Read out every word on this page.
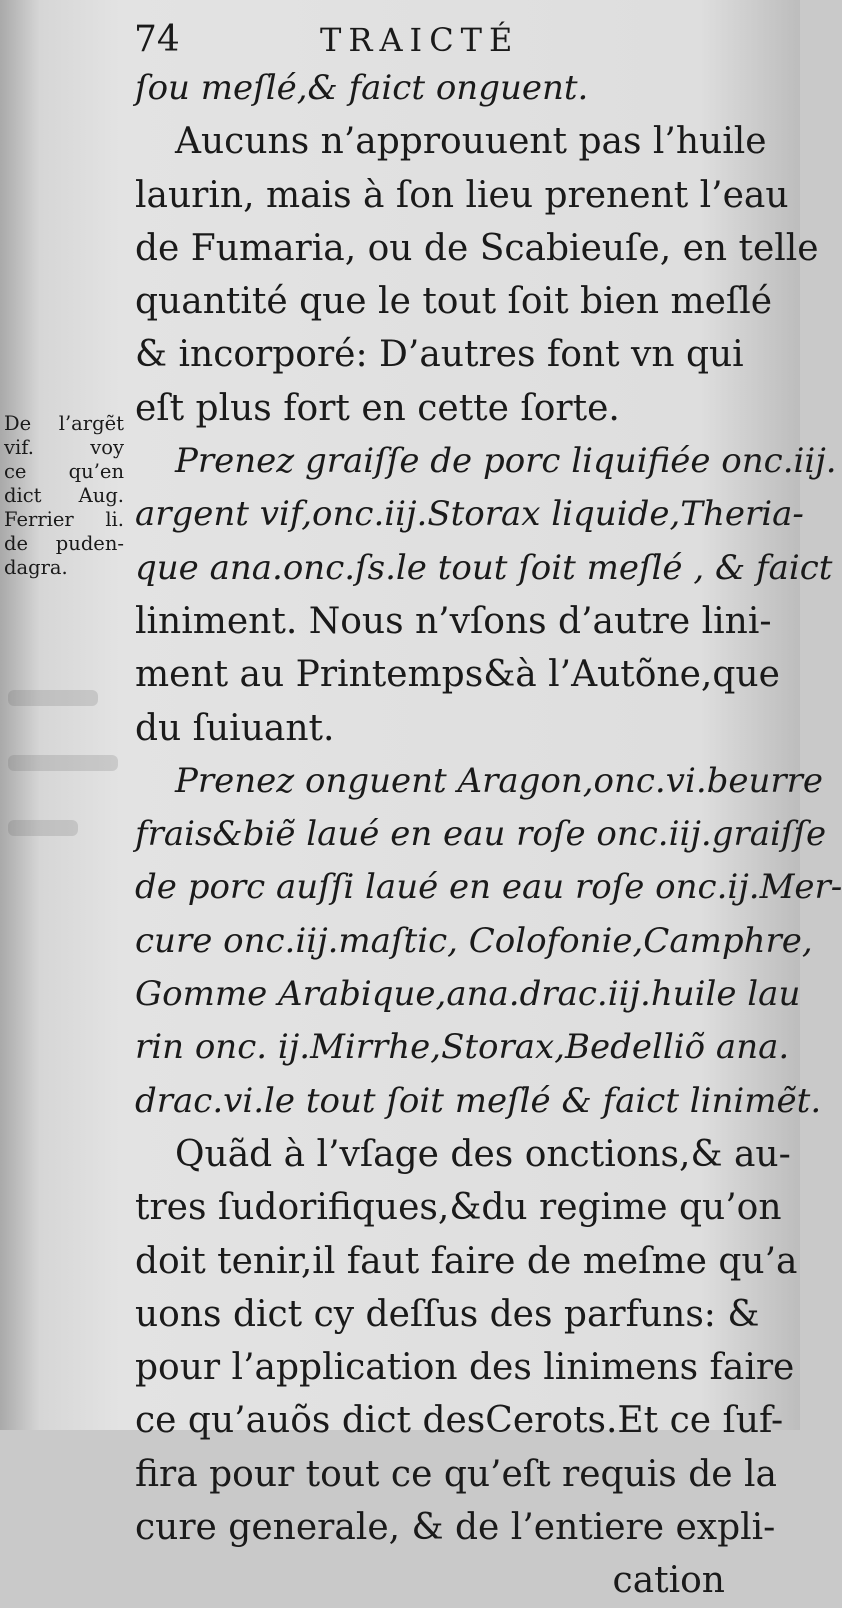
74	TRAICTÉ
De l’argẽt
vif. voy
ce qu’en
dict Aug.
Ferrier li.
de puden-
dagra.
ſou meſlé,& faict onguent.
Aucuns n’approuuent pas l’huile
laurin, mais à ſon lieu prenent l’eau
de Fumaria, ou de Scabieuſe, en telle
quantité que le tout ſoit bien meſlé
& incorporé: D’autres font vn qui
eſt plus fort en cette ſorte.
Prenez graiſſe de porc liquifiée onc.iij.
argent vif,onc.iij.Storax liquide,Theria-
que ana.onc.ſs.le tout ſoit meſlé , & faict
liniment. Nous n’vſons d’autre lini-
ment au Printemps&à l’Autõne,que
du ſuiuant.
Prenez onguent Aragon,onc.vi.beurre
frais&biẽ laué en eau roſe onc.iij.graiſſe
de porc auſſi laué en eau roſe onc.ij.Mer-
cure onc.iij.maſtic, Colofonie,Camphre,
Gomme Arabique,ana.drac.iij.huile lau
rin onc. ij.Mirrhe,Storax,Bedelliõ ana.
drac.vi.le tout ſoit meſlé & faict linimẽt.
Quãd à l’vſage des onctions,& au-
tres ſudorifiques,&du regime qu’on
doit tenir,il faut faire de meſme qu’a
uons dict cy deſſus des parfuns: &
pour l’application des linimens faire
ce qu’auõs dict desCerots.Et ce ſuf-
fira pour tout ce qu’eſt requis de la
cure generale, & de l’entiere expli-
cation
